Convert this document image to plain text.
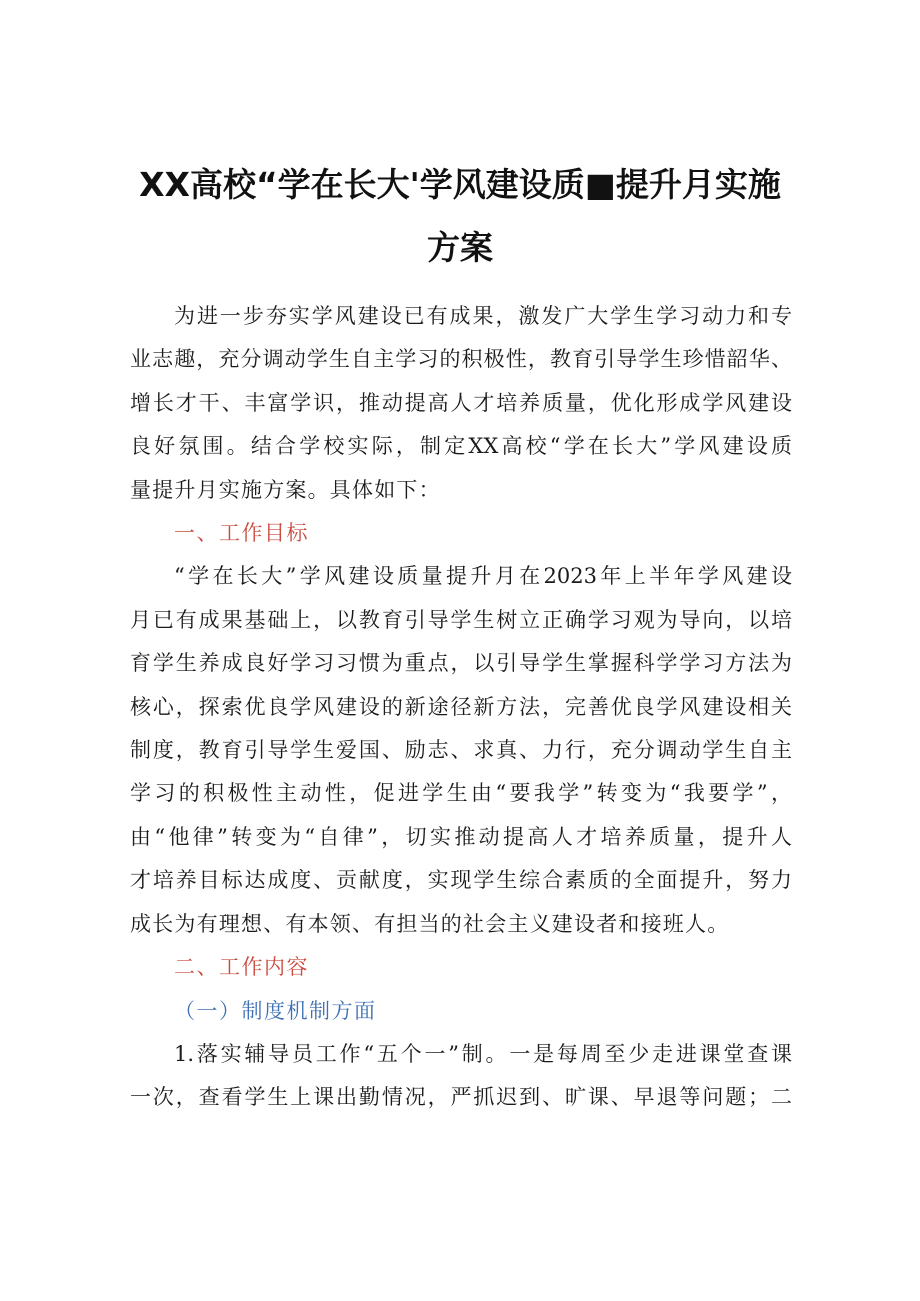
XX高校“学在长大'学风建设质■提升月实施
方案
为进一步夯实学风建设已有成果，激发广大学生学习动力和专
业志趣，充分调动学生自主学习的积极性，教育引导学生珍惜韶华、
增长才干、丰富学识，推动提高人才培养质量，优化形成学风建设
良好氛围。结合学校实际，制定XX高校“学在长大”学风建设质
量提升月实施方案。具体如下：
一、工作目标
“学在长大”学风建设质量提升月在2023年上半年学风建设
月已有成果基础上，以教育引导学生树立正确学习观为导向，以培
育学生养成良好学习习惯为重点，以引导学生掌握科学学习方法为
核心，探索优良学风建设的新途径新方法，完善优良学风建设相关
制度，教育引导学生爱国、励志、求真、力行，充分调动学生自主
学习的积极性主动性，促进学生由“要我学”转变为“我要学”，
由“他律”转变为“自律”，切实推动提高人才培养质量，提升人
才培养目标达成度、贡献度，实现学生综合素质的全面提升，努力
成长为有理想、有本领、有担当的社会主义建设者和接班人。
二、工作内容
（一）制度机制方面
1.落实辅导员工作“五个一”制。一是每周至少走进课堂查课
一次，查看学生上课出勤情况，严抓迟到、旷课、早退等问题；二
